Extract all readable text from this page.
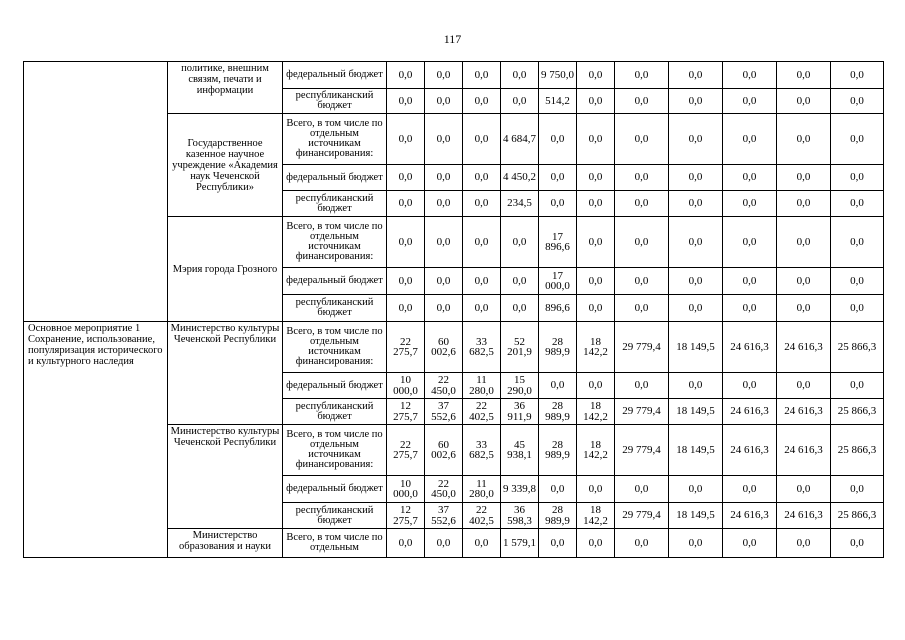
117
	политике, внешним связям, печати и информации	федеральный бюджет	0,0	0,0	0,0	0,0	9 750,0	0,0	0,0	0,0	0,0	0,0	0,0
		республиканский бюджет	0,0	0,0	0,0	0,0	514,2	0,0	0,0	0,0	0,0	0,0	0,0
	Государственное казенное научное учреждение «Академия наук Чеченской Республики»	Всего, в том числе по отдельным источникам финансирования:	0,0	0,0	0,0	4 684,7	0,0	0,0	0,0	0,0	0,0	0,0	0,0
		федеральный бюджет	0,0	0,0	0,0	4 450,2	0,0	0,0	0,0	0,0	0,0	0,0	0,0
		республиканский бюджет	0,0	0,0	0,0	234,5	0,0	0,0	0,0	0,0	0,0	0,0	0,0
	Мэрия города Грозного	Всего, в том числе по отдельным источникам финансирования:	0,0	0,0	0,0	0,0	17 896,6	0,0	0,0	0,0	0,0	0,0	0,0
		федеральный бюджет	0,0	0,0	0,0	0,0	17 000,0	0,0	0,0	0,0	0,0	0,0	0,0
		республиканский бюджет	0,0	0,0	0,0	0,0	896,6	0,0	0,0	0,0	0,0	0,0	0,0
Основное мероприятие 1 Сохранение, использование, популяризация исторического и культурного наследия	Министерство культуры Чеченской Республики	Всего, в том числе по отдельным источникам финансирования:	22 275,7	60 002,6	33 682,5	52 201,9	28 989,9	18 142,2	29 779,4	18 149,5	24 616,3	24 616,3	25 866,3
		федеральный бюджет	10 000,0	22 450,0	11 280,0	15 290,0	0,0	0,0	0,0	0,0	0,0	0,0	0,0
		республиканский бюджет	12 275,7	37 552,6	22 402,5	36 911,9	28 989,9	18 142,2	29 779,4	18 149,5	24 616,3	24 616,3	25 866,3
	Министерство культуры Чеченской Республики	Всего, в том числе по отдельным источникам финансирования:	22 275,7	60 002,6	33 682,5	45 938,1	28 989,9	18 142,2	29 779,4	18 149,5	24 616,3	24 616,3	25 866,3
		федеральный бюджет	10 000,0	22 450,0	11 280,0	9 339,8	0,0	0,0	0,0	0,0	0,0	0,0	0,0
		республиканский бюджет	12 275,7	37 552,6	22 402,5	36 598,3	28 989,9	18 142,2	29 779,4	18 149,5	24 616,3	24 616,3	25 866,3
	Министерство образования и науки	Всего, в том числе по отдельным	0,0	0,0	0,0	1 579,1	0,0	0,0	0,0	0,0	0,0	0,0	0,0
